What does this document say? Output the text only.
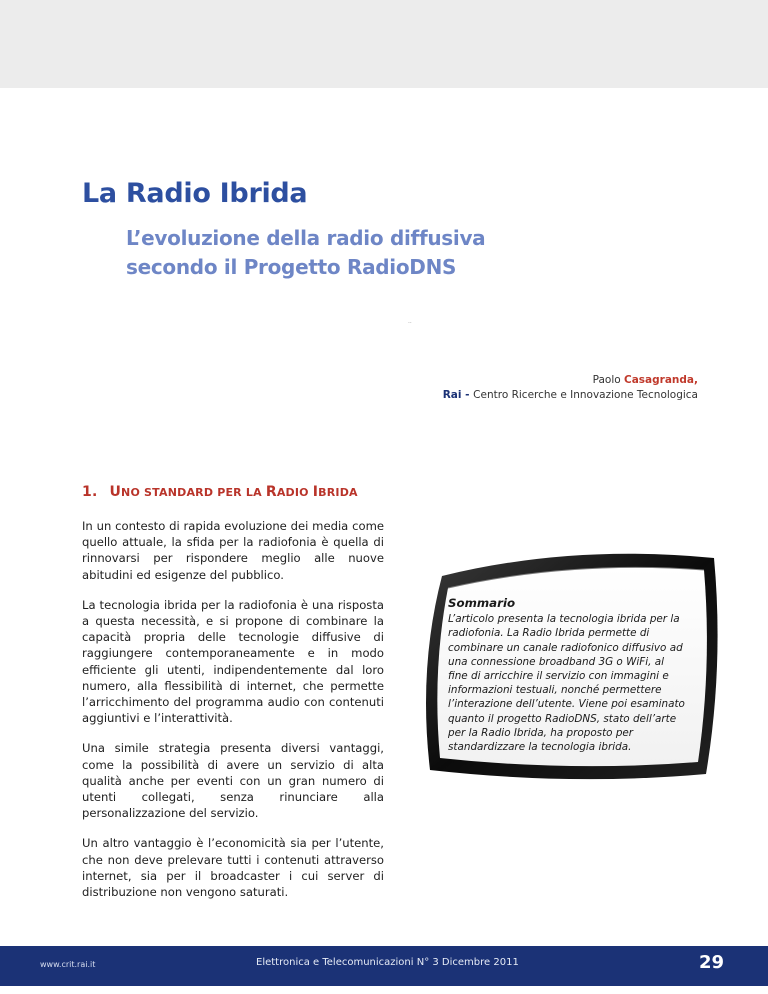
La Radio Ibrida
L’evoluzione della radio diffusiva
secondo il Progetto RadioDNS
..
Paolo Casagranda,
Rai - Centro Ricerche e Innovazione Tecnologica
1. UNO STANDARD PER LA RADIO IBRIDA

In un contesto di rapida evoluzione dei media come quello attuale, la sfida per la radiofonia è quella di rinnovarsi per rispondere meglio alle nuove abitudini ed esigenze del pubblico.

La tecnologia ibrida per la radiofonia è una risposta a questa necessità, e si propone di combinare la capacità propria delle tecnologie diffusive di raggiungere contemporaneamente e in modo efficiente gli utenti, indipendentemente dal loro numero, alla flessibilità di internet, che permette l’arricchimento del programma audio con contenuti aggiuntivi e l’interattività.

Una simile strategia presenta diversi vantaggi, come la possibilità di avere un servizio di alta qualità anche per eventi con un gran numero di utenti collegati, senza rinunciare alla personalizzazione del servizio.

Un altro vantaggio è l’economicità sia per l’utente, che non deve prelevare tutti i contenuti attraverso internet, sia per il broadcaster i cui server di distribuzione non vengono saturati.

Sommario

L’articolo presenta la tecnologia ibrida per la radiofonia. La Radio Ibrida permette di combinare un canale radiofonico diffusivo ad una connessione broadband 3G o WiFi, al fine di arricchire il servizio con immagini e informazioni testuali, nonché permettere l’interazione dell’utente. Viene poi esaminato quanto il progetto RadioDNS, stato dell’arte per la Radio Ibrida, ha proposto per standardizzare la tecnologia ibrida.

www.crit.rai.it	Elettronica e Telecomunicazioni N° 3 Dicembre 2011	29
